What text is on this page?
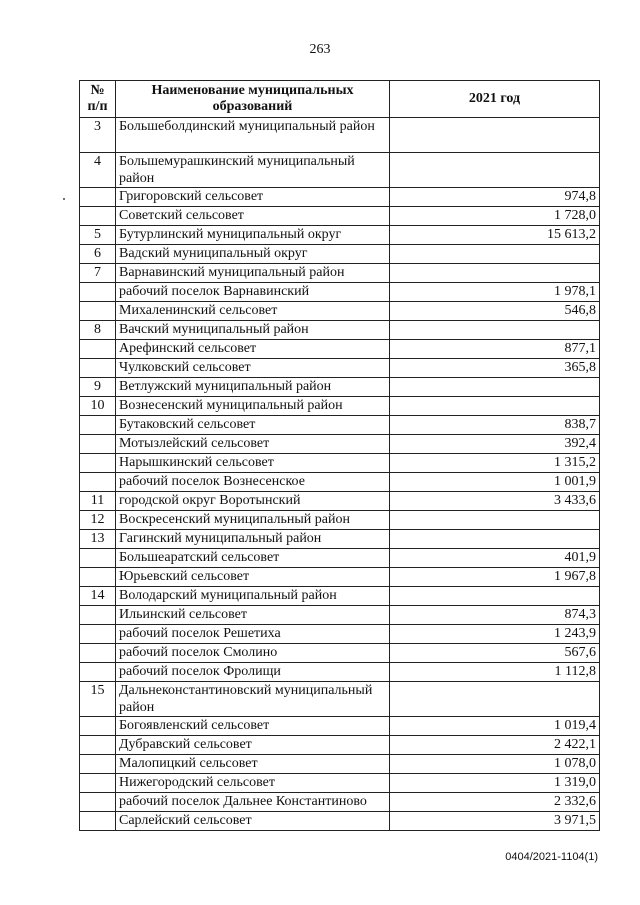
263
№ п/п	Наименование муниципальных образований	2021 год
3	Большеболдинский муниципальный район	
4	Большемурашкинский муниципальный район	
	Григоровский сельсовет	974,8
	Советский сельсовет	1 728,0
5	Бутурлинский муниципальный округ	15 613,2
6	Вадский муниципальный округ	
7	Варнавинский муниципальный район	
	рабочий поселок Варнавинский	1 978,1
	Михаленинский сельсовет	546,8
8	Вачский муниципальный район	
	Арефинский сельсовет	877,1
	Чулковский сельсовет	365,8
9	Ветлужский муниципальный район	
10	Вознесенский муниципальный район	
	Бутаковский сельсовет	838,7
	Мотызлейский сельсовет	392,4
	Нарышкинский сельсовет	1 315,2
	рабочий поселок Вознесенское	1 001,9
11	городской округ Воротынский	3 433,6
12	Воскресенский муниципальный район	
13	Гагинский муниципальный район	
	Большеаратский сельсовет	401,9
	Юрьевский сельсовет	1 967,8
14	Володарский муниципальный район	
	Ильинский сельсовет	874,3
	рабочий поселок Решетиха	1 243,9
	рабочий поселок Смолино	567,6
	рабочий поселок Фролищи	1 112,8
15	Дальнеконстантиновский муниципальный район	
	Богоявленский сельсовет	1 019,4
	Дубравский сельсовет	2 422,1
	Малопицкий сельсовет	1 078,0
	Нижегородский сельсовет	1 319,0
	рабочий поселок Дальнее Константиново	2 332,6
	Сарлейский сельсовет	3 971,5
0404/2021-1104(1)
